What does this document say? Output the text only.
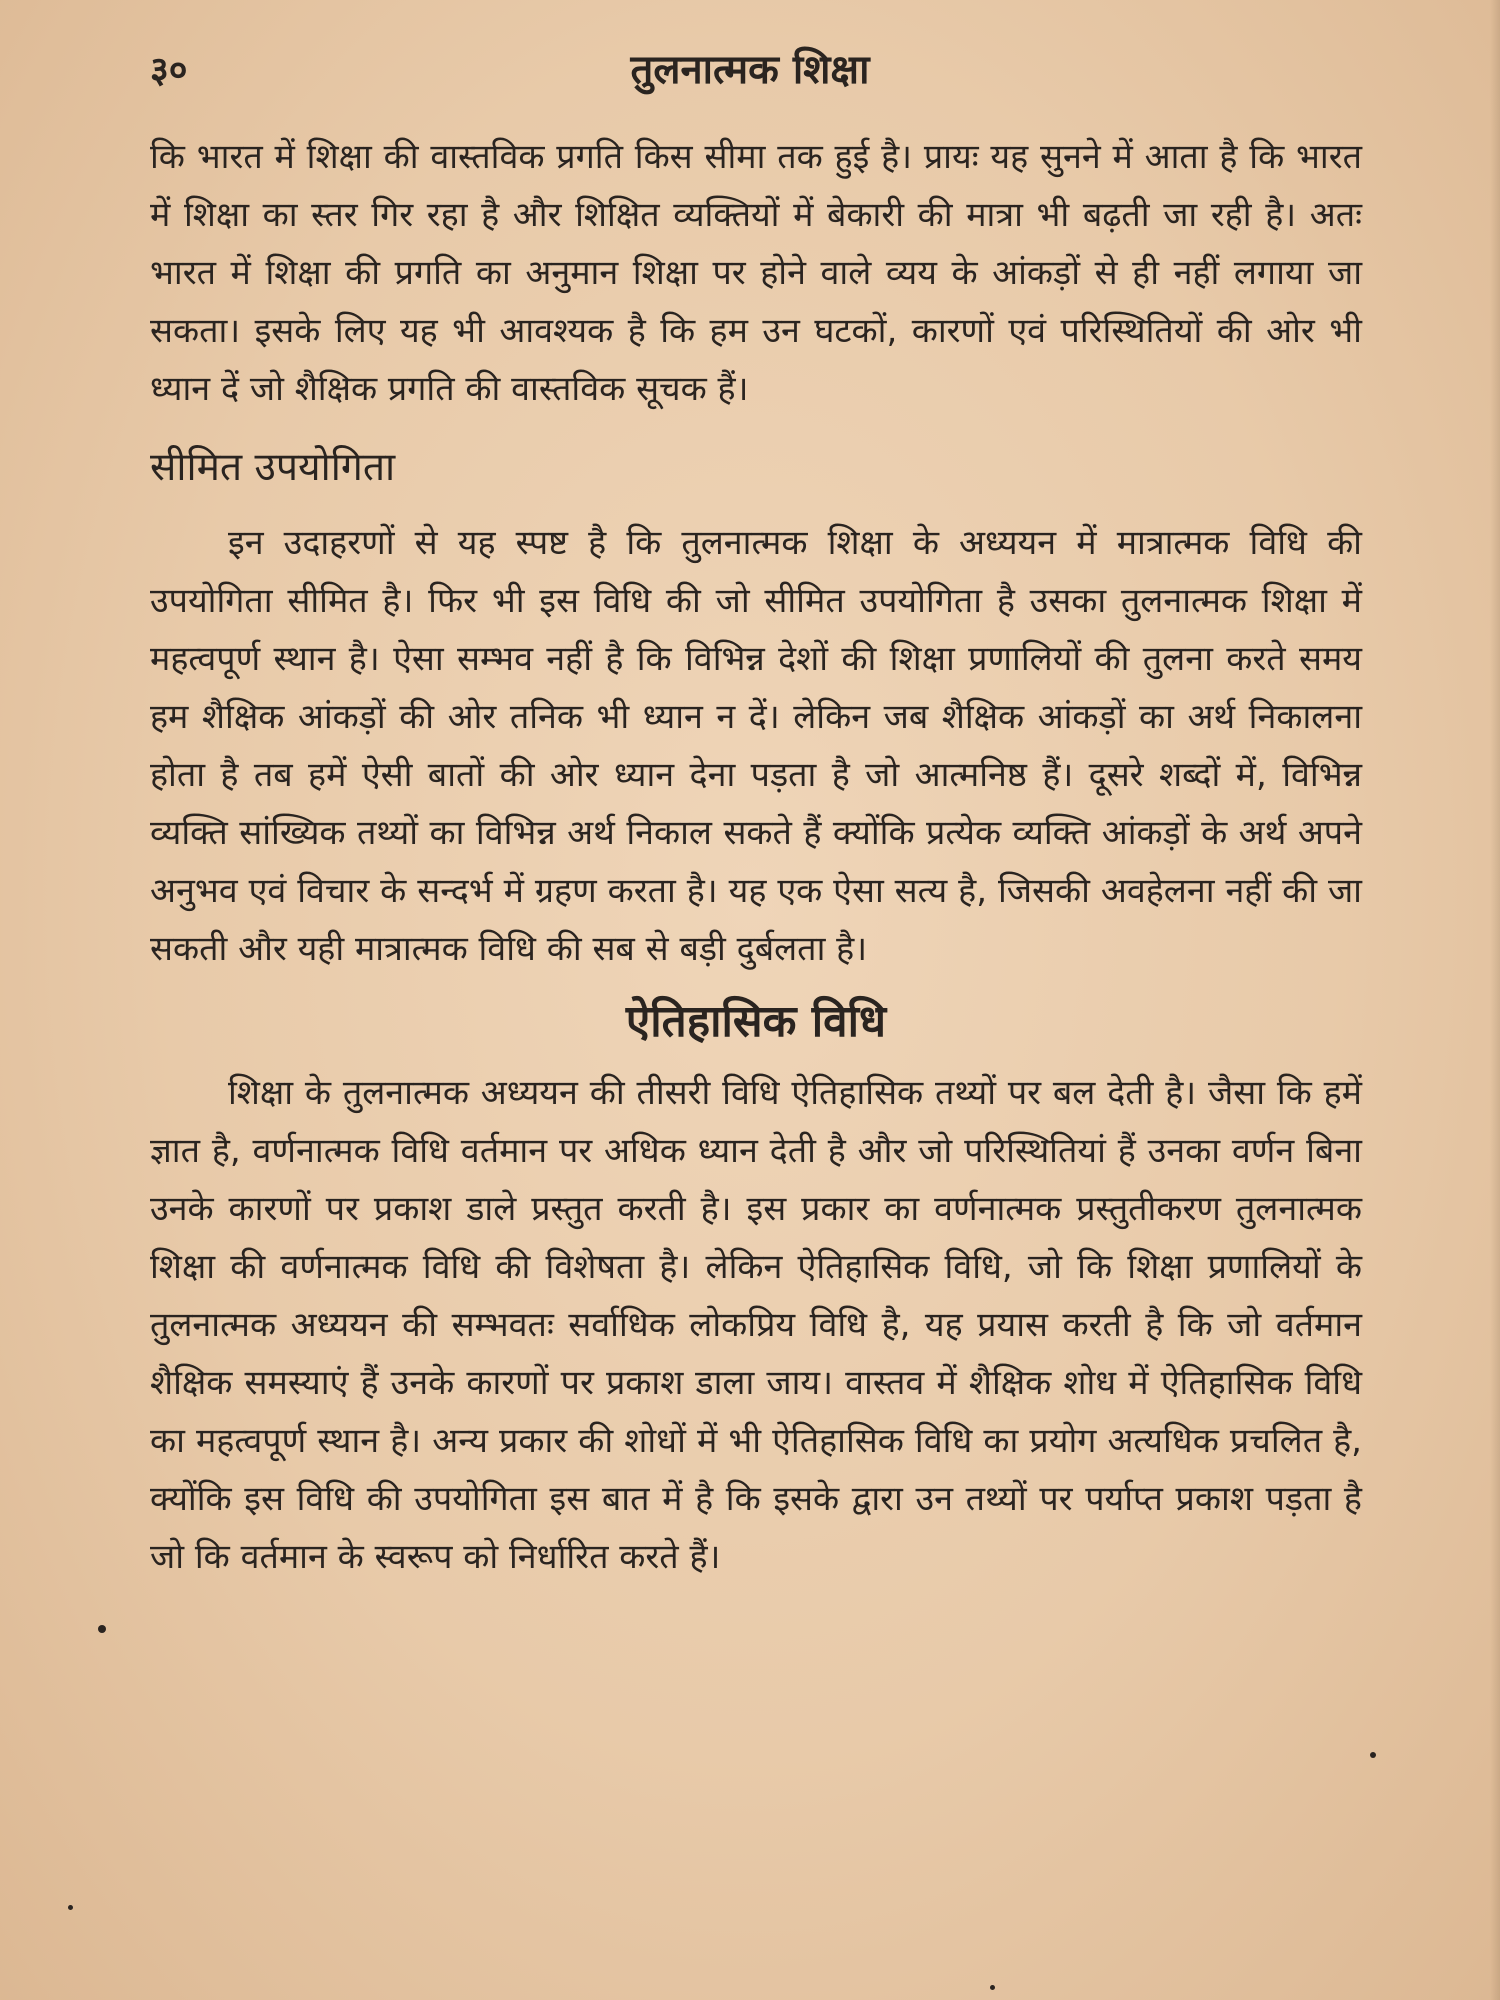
३०	तुलनात्मक शिक्षा

कि भारत में शिक्षा की वास्तविक प्रगति किस सीमा तक हुई है। प्रायः यह सुनने में आता है कि भारत में शिक्षा का स्तर गिर रहा है और शिक्षित व्यक्तियों में बेकारी की मात्रा भी बढ़ती जा रही है। अतः भारत में शिक्षा की प्रगति का अनुमान शिक्षा पर होने वाले व्यय के आंकड़ों से ही नहीं लगाया जा सकता। इसके लिए यह भी आवश्यक है कि हम उन घटकों, कारणों एवं परिस्थितियों की ओर भी ध्यान दें जो शैक्षिक प्रगति की वास्तविक सूचक हैं।

सीमित उपयोगिता

इन उदाहरणों से यह स्पष्ट है कि तुलनात्मक शिक्षा के अध्ययन में मात्रात्मक विधि की उपयोगिता सीमित है। फिर भी इस विधि की जो सीमित उपयोगिता है उसका तुलनात्मक शिक्षा में महत्वपूर्ण स्थान है। ऐसा सम्भव नहीं है कि विभिन्न देशों की शिक्षा प्रणालियों की तुलना करते समय हम शैक्षिक आंकड़ों की ओर तनिक भी ध्यान न दें। लेकिन जब शैक्षिक आंकड़ों का अर्थ निकालना होता है तब हमें ऐसी बातों की ओर ध्यान देना पड़ता है जो आत्मनिष्ठ हैं। दूसरे शब्दों में, विभिन्न व्यक्ति सांख्यिक तथ्यों का विभिन्न अर्थ निकाल सकते हैं क्योंकि प्रत्येक व्यक्ति आंकड़ों के अर्थ अपने अनुभव एवं विचार के सन्दर्भ में ग्रहण करता है। यह एक ऐसा सत्य है, जिसकी अवहेलना नहीं की जा सकती और यही मात्रात्मक विधि की सब से बड़ी दुर्बलता है।

ऐतिहासिक विधि

शिक्षा के तुलनात्मक अध्ययन की तीसरी विधि ऐतिहासिक तथ्यों पर बल देती है। जैसा कि हमें ज्ञात है, वर्णनात्मक विधि वर्तमान पर अधिक ध्यान देती है और जो परिस्थितियां हैं उनका वर्णन बिना उनके कारणों पर प्रकाश डाले प्रस्तुत करती है। इस प्रकार का वर्णनात्मक प्रस्तुतीकरण तुलनात्मक शिक्षा की वर्णनात्मक विधि की विशेषता है। लेकिन ऐतिहासिक विधि, जो कि शिक्षा प्रणालियों के तुलनात्मक अध्ययन की सम्भवतः सर्वाधिक लोकप्रिय विधि है, यह प्रयास करती है कि जो वर्तमान शैक्षिक समस्याएं हैं उनके कारणों पर प्रकाश डाला जाय। वास्तव में शैक्षिक शोध में ऐतिहासिक विधि का महत्वपूर्ण स्थान है। अन्य प्रकार की शोधों में भी ऐतिहासिक विधि का प्रयोग अत्यधिक प्रचलित है, क्योंकि इस विधि की उपयोगिता इस बात में है कि इसके द्वारा उन तथ्यों पर पर्याप्त प्रकाश पड़ता है जो कि वर्तमान के स्वरूप को निर्धारित करते हैं।
